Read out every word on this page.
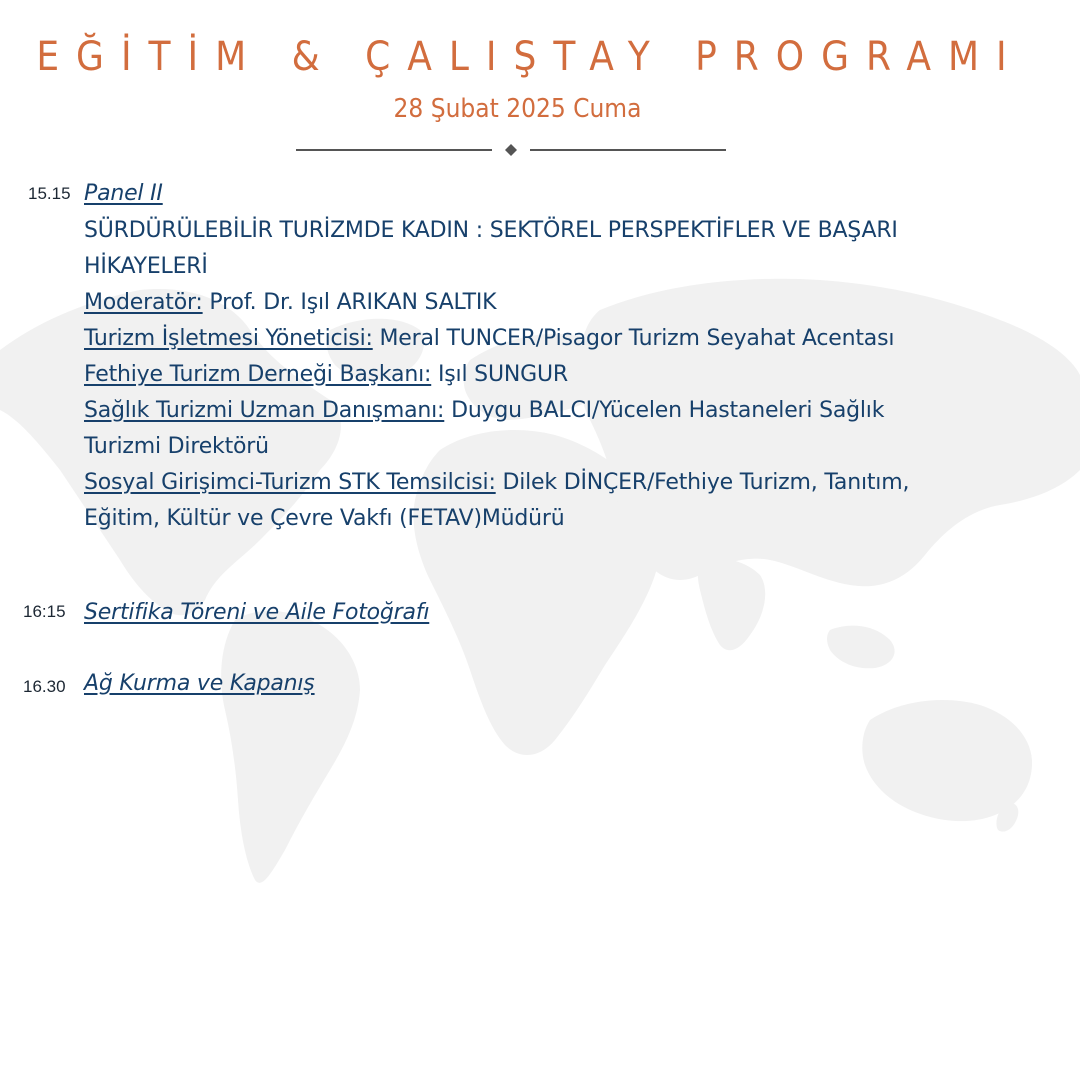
EĞİTİM & ÇALIŞTAY PROGRAMI
28 Şubat 2025 Cuma
15.15 Panel II
SÜRDÜRÜLEBİLİR TURİZMDE KADIN : SEKTÖREL PERSPEKTİFLER VE BAŞARI
HİKAYELERİ
Moderatör: Prof. Dr. Işıl ARIKAN SALTIK
Turizm İşletmesi Yöneticisi: Meral TUNCER/Pisagor Turizm Seyahat Acentası
Fethiye Turizm Derneği Başkanı: Işıl SUNGUR
Sağlık Turizmi Uzman Danışmanı: Duygu BALCI/Yücelen Hastaneleri Sağlık
Turizmi Direktörü
Sosyal Girişimci-Turizm STK Temsilcisi: Dilek DİNÇER/Fethiye Turizm, Tanıtım,
Eğitim, Kültür ve Çevre Vakfı (FETAV)Müdürü
16:15 Sertifika Töreni ve Aile Fotoğrafı
16.30 Ağ Kurma ve Kapanış
